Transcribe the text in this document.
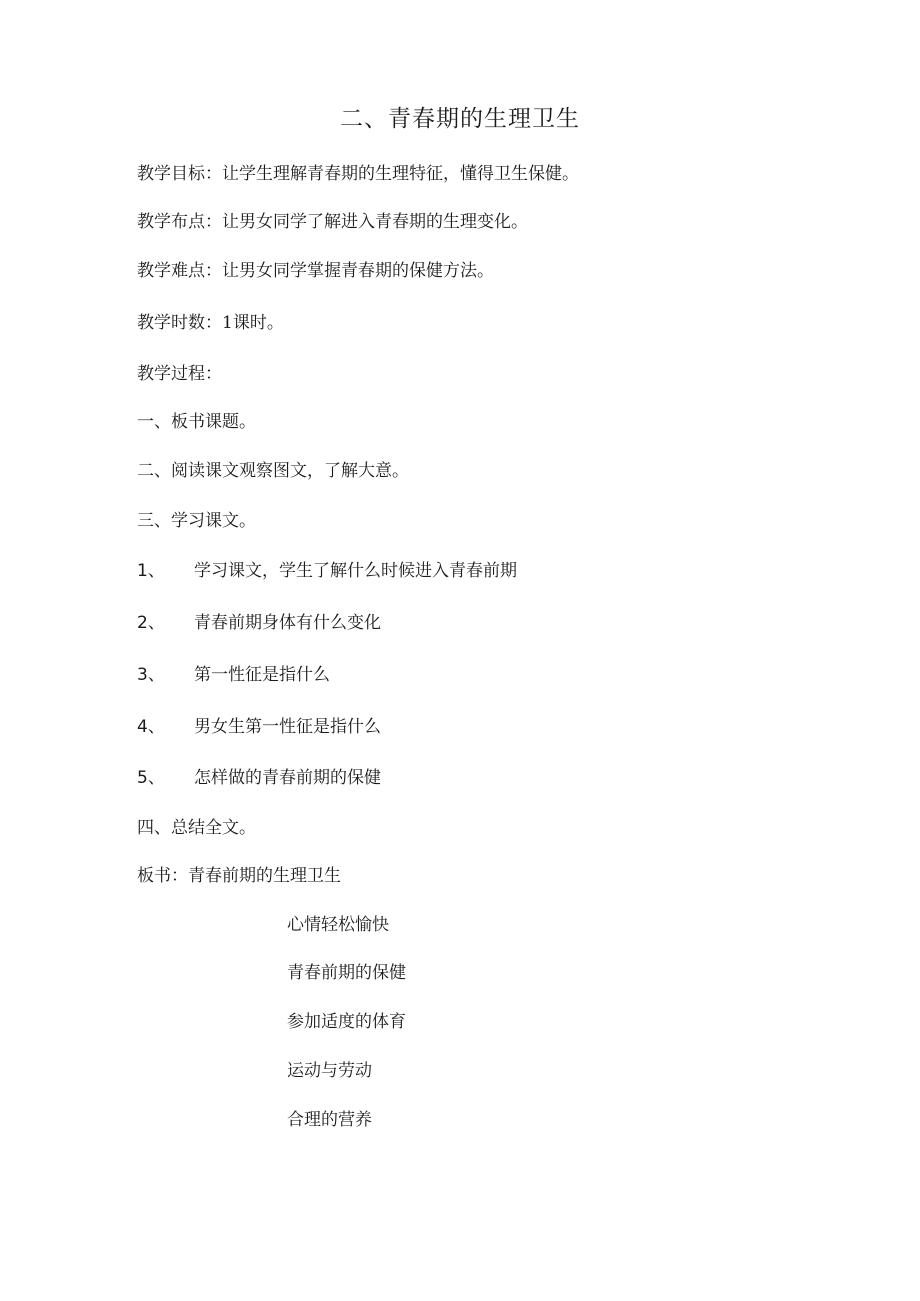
二、青春期的生理卫生
教学目标：让学生理解青春期的生理特征，懂得卫生保健。
教学布点：让男女同学了解进入青春期的生理变化。
教学难点：让男女同学掌握青春期的保健方法。
教学时数：1课时。
教学过程：
一、板书课题。
二、阅读课文观察图文，了解大意。
三、学习课文。
1、 学习课文，学生了解什么时候进入青春前期
2、 青春前期身体有什么变化
3、 第一性征是指什么
4、 男女生第一性征是指什么
5、 怎样做的青春前期的保健
四、总结全文。
板书：青春前期的生理卫生
心情轻松愉快
青春前期的保健
参加适度的体育
运动与劳动
合理的营养
